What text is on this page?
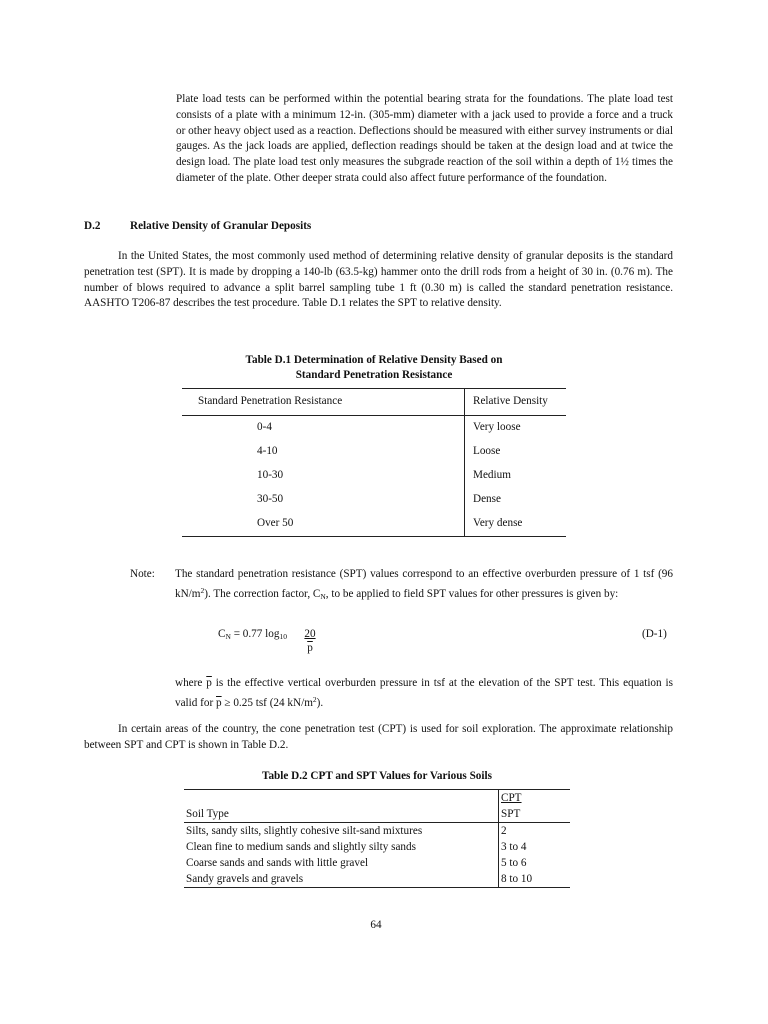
Plate load tests can be performed within the potential bearing strata for the foundations. The plate load test consists of a plate with a minimum 12-in. (305-mm) diameter with a jack used to provide a force and a truck or other heavy object used as a reaction. Deflections should be measured with either survey instruments or dial gauges. As the jack loads are applied, deflection readings should be taken at the design load and at twice the design load. The plate load test only measures the subgrade reaction of the soil within a depth of 1½ times the diameter of the plate. Other deeper strata could also affect future performance of the foundation.

D.2	Relative Density of Granular Deposits

In the United States, the most commonly used method of determining relative density of granular deposits is the standard penetration test (SPT). It is made by dropping a 140-lb (63.5-kg) hammer onto the drill rods from a height of 30 in. (0.76 m). The number of blows required to advance a split barrel sampling tube 1 ft (0.30 m) is called the standard penetration resistance. AASHTO T206-87 describes the test procedure. Table D.1 relates the SPT to relative density.

Table D.1 Determination of Relative Density Based on
Standard Penetration Resistance
Standard Penetration Resistance	Relative Density
0-4	Very loose
4-10	Loose
10-30	Medium
30-50	Dense
Over 50	Very dense
Note: The standard penetration resistance (SPT) values correspond to an effective overburden pressure of 1 tsf (96 $kN/m^2$). The correction factor, $C_N$, to be applied to field SPT values for other pressures is given by:

$C_N = 0.77$ $\log_{10} \frac{20}{p}$	(D-1)

where $\overline{p}$ is the effective vertical overburden pressure in tsf at the elevation of the SPT test. This equation is valid for $\overline{p} \ge 0.25$ tsf (24 $kN/m^2$).

In certain areas of the country, the cone penetration test (CPT) is used for soil exploration. The approximate relationship between SPT and CPT is shown in Table D.2.

Table D.2 CPT and SPT Values for Various Soils
	CPT
Soil Type	SPT
Silts, sandy silts, slightly cohesive silt-sand mixtures	2
Clean fine to medium sands and slightly silty sands	3 to 4
Coarse sands and sands with little gravel	5 to 6
Sandy gravels and gravels	8 to 10
64
